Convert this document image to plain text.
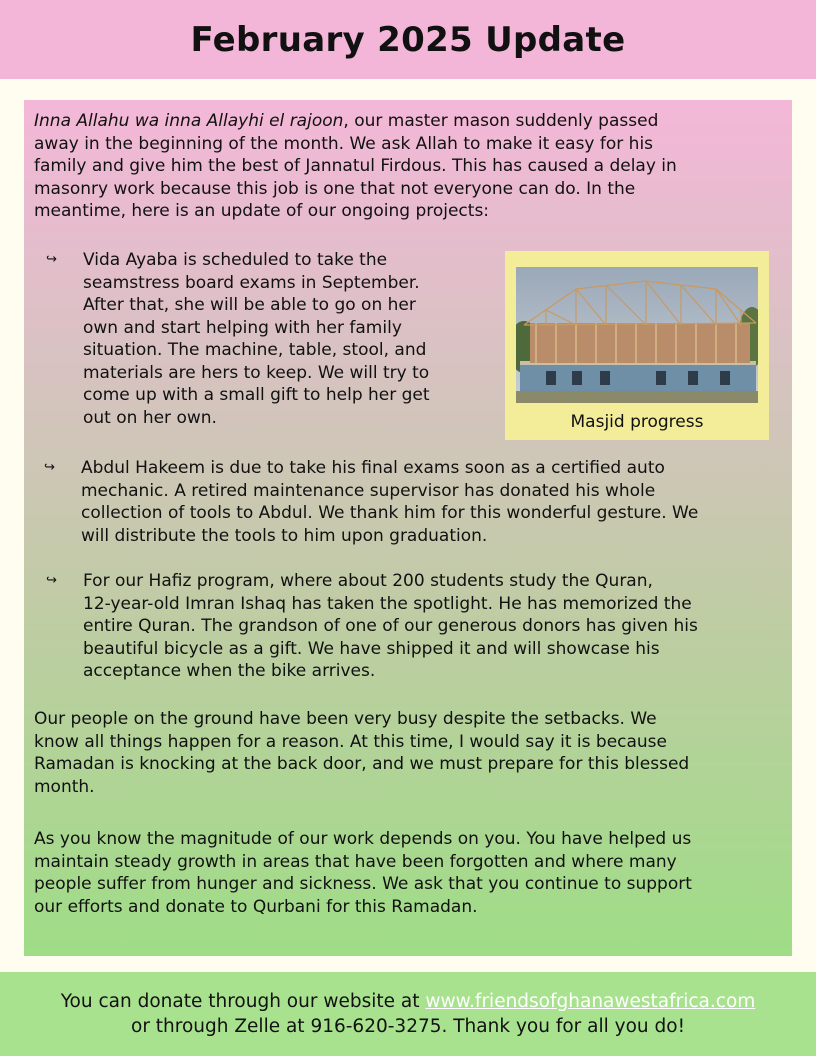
February 2025 Update

Inna Allahu wa inna Allayhi el rajoon, our master mason suddenly passed
away in the beginning of the month. We ask Allah to make it easy for his
family and give him the best of Jannatul Firdous. This has caused a delay in
masonry work because this job is one that not everyone can do. In the
meantime, here is an update of our ongoing projects:

↪	Vida Ayaba is scheduled to take the
seamstress board exams in September.
After that, she will be able to go on her
own and start helping with her family
situation. The machine, table, stool, and
materials are hers to keep. We will try to
come up with a small gift to help her get
out on her own.	Masjid progress
↪	Abdul Hakeem is due to take his final exams soon as a certified auto
mechanic. A retired maintenance supervisor has donated his whole
collection of tools to Abdul. We thank him for this wonderful gesture. We
will distribute the tools to him upon graduation.
↪	For our Hafiz program, where about 200 students study the Quran,
12-year-old Imran Ishaq has taken the spotlight. He has memorized the
entire Quran. The grandson of one of our generous donors has given his
beautiful bicycle as a gift. We have shipped it and will showcase his
acceptance when the bike arrives.

Our people on the ground have been very busy despite the setbacks. We
know all things happen for a reason. At this time, I would say it is because
Ramadan is knocking at the back door, and we must prepare for this blessed
month.

As you know the magnitude of our work depends on you. You have helped us
maintain steady growth in areas that have been forgotten and where many
people suffer from hunger and sickness. We ask that you continue to support
our efforts and donate to Qurbani for this Ramadan.

You can donate through our website at www.friendsofghanawestafrica.com
or through Zelle at 916-620-3275. Thank you for all you do!
